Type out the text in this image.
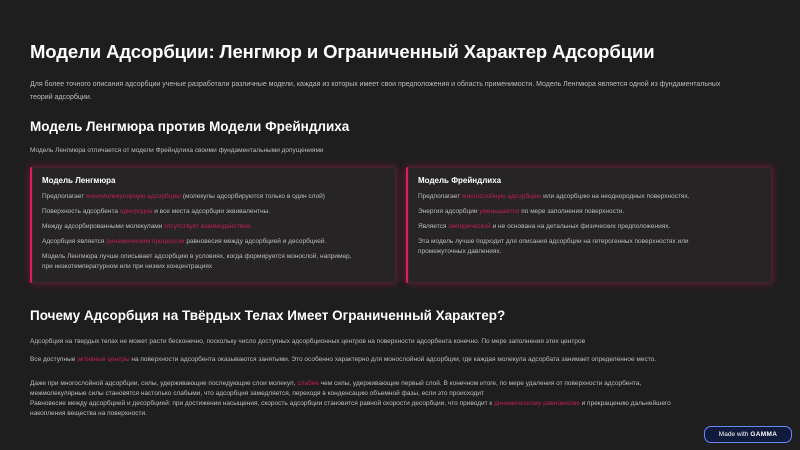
Модели Адсорбции: Ленгмюр и Ограниченный Характер Адсорбции
Для более точного описания адсорбции ученые разработали различные модели, каждая из которых имеет свои предположения и область применимости. Модель Ленгмюра является одной из фундаментальных
теорий адсорбции.
Модель Ленгмюра против Модели Фрейндлиха
Модель Ленгмюра отличается от модели Фрейндлиха своими фундаментальными допущениями
Модель Ленгмюра
Предполагает мономолекулярную адсорбцию (молекулы адсорбируются только в один слой)
Поверхность адсорбента однородна и все места адсорбции эквивалентны.
Между адсорбированными молекулами отсутствует взаимодействие.
Адсорбция является динамическим процессом равновесия между адсорбцией и десорбцией.
Модель Ленгмюра лучше описывает адсорбцию в условиях, когда формируется монослой, например,
при низкотемпературном или при низких концентрациях
Модель Фрейндлиха
Предполагает многослойную адсорбцию или адсорбцию на неоднородных поверхностях.
Энергия адсорбции уменьшается по мере заполнения поверхности.
Является эмпирической и не основана на детальных физических предположениях.
Эта модель лучше подходит для описания адсорбции на гетерогенных поверхностях или
промежуточных давлениях.
Почему Адсорбция на Твёрдых Телах Имеет Ограниченный Характер?
Адсорбция на твердых телах не может расти бесконечно, поскольку число доступных адсорбционных центров на поверхности адсорбента конечно. По мере заполнения этих центров
Все доступные активные центры на поверхности адсорбента оказываются занятыми. Это особенно характерно для монослойной адсорбции, где каждая молекула адсорбата занимает определенное место.
Даже при многослойной адсорбции, силы, удерживающие последующие слои молекул, слабее чем силы, удерживающие первый слой. В конечном итоге, по мере удаления от поверхности адсорбента,
межмолекулярные силы становятся настолько слабыми, что адсорбция замедляется, переходя в конденсацию объемной фазы, если это происходит
Равновесие между адсорбцией и десорбцией: при достижении насыщения, скорость адсорбции становится равной скорости десорбции, что приводит к динамическому равновесию и прекращению дальнейшего
накопления вещества на поверхности.
Made with GAMMA
